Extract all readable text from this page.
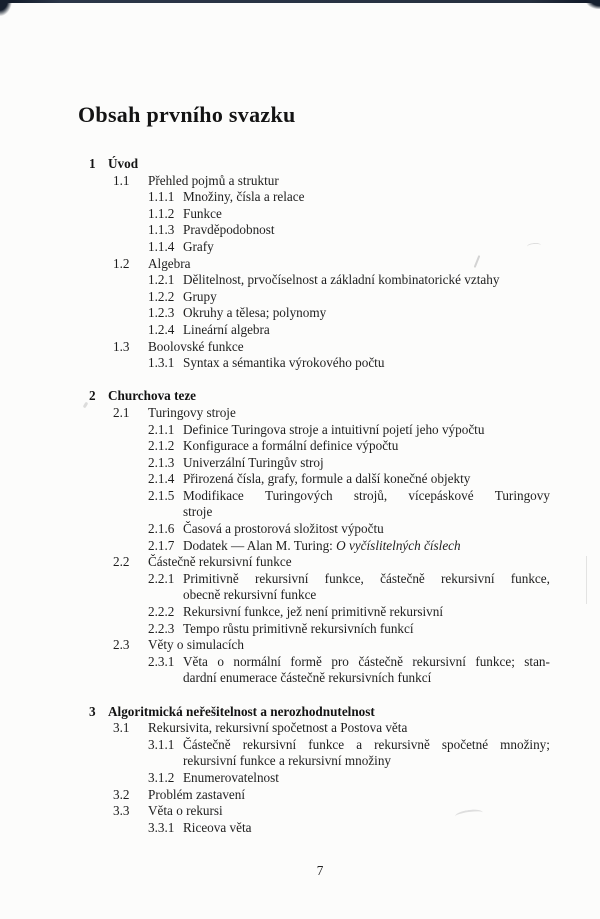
Obsah prvního svazku
1 Úvod
1.1	Přehled pojmů a struktur
1.1.1 Množiny, čísla a relace
1.1.2 Funkce
1.1.3 Pravděpodobnost
1.1.4 Grafy
1.2	Algebra
1.2.1 Dělitelnost, prvočíselnost a základní kombinatorické vztahy
1.2.2 Grupy
1.2.3 Okruhy a tělesa; polynomy
1.2.4 Lineární algebra
1.3	Boolovské funkce
1.3.1 Syntax a sémantika výrokového počtu
2 Churchova teze
2.1	Turingovy stroje
2.1.1 Definice Turingova stroje a intuitivní pojetí jeho výpočtu
2.1.2 Konfigurace a formální definice výpočtu
2.1.3 Univerzální Turingův stroj
2.1.4 Přirozená čísla, grafy, formule a další konečné objekty
2.1.5 Modifikace Turingových strojů, vícepáskové Turingovy
stroje
2.1.6 Časová a prostorová složitost výpočtu
2.1.7 Dodatek — Alan M. Turing: O vyčíslitelných číslech
2.2	Částečně rekursivní funkce
2.2.1 Primitivně rekursivní funkce, částečně rekursivní funkce,
obecně rekursivní funkce
2.2.2 Rekursivní funkce, jež není primitivně rekursivní
2.2.3 Tempo růstu primitivně rekursivních funkcí
2.3	Věty o simulacích
2.3.1 Věta o normální formě pro částečně rekursivní funkce; stan-
dardní enumerace částečně rekursivních funkcí
3 Algoritmická neřešitelnost a nerozhodnutelnost
3.1	Rekursivita, rekursivní spočetnost a Postova věta
3.1.1 Částečně rekursivní funkce a rekursivně spočetné množiny;
rekursivní funkce a rekursivní množiny
3.1.2 Enumerovatelnost
3.2	Problém zastavení
3.3	Věta o rekursi
3.3.1 Riceova věta
7
